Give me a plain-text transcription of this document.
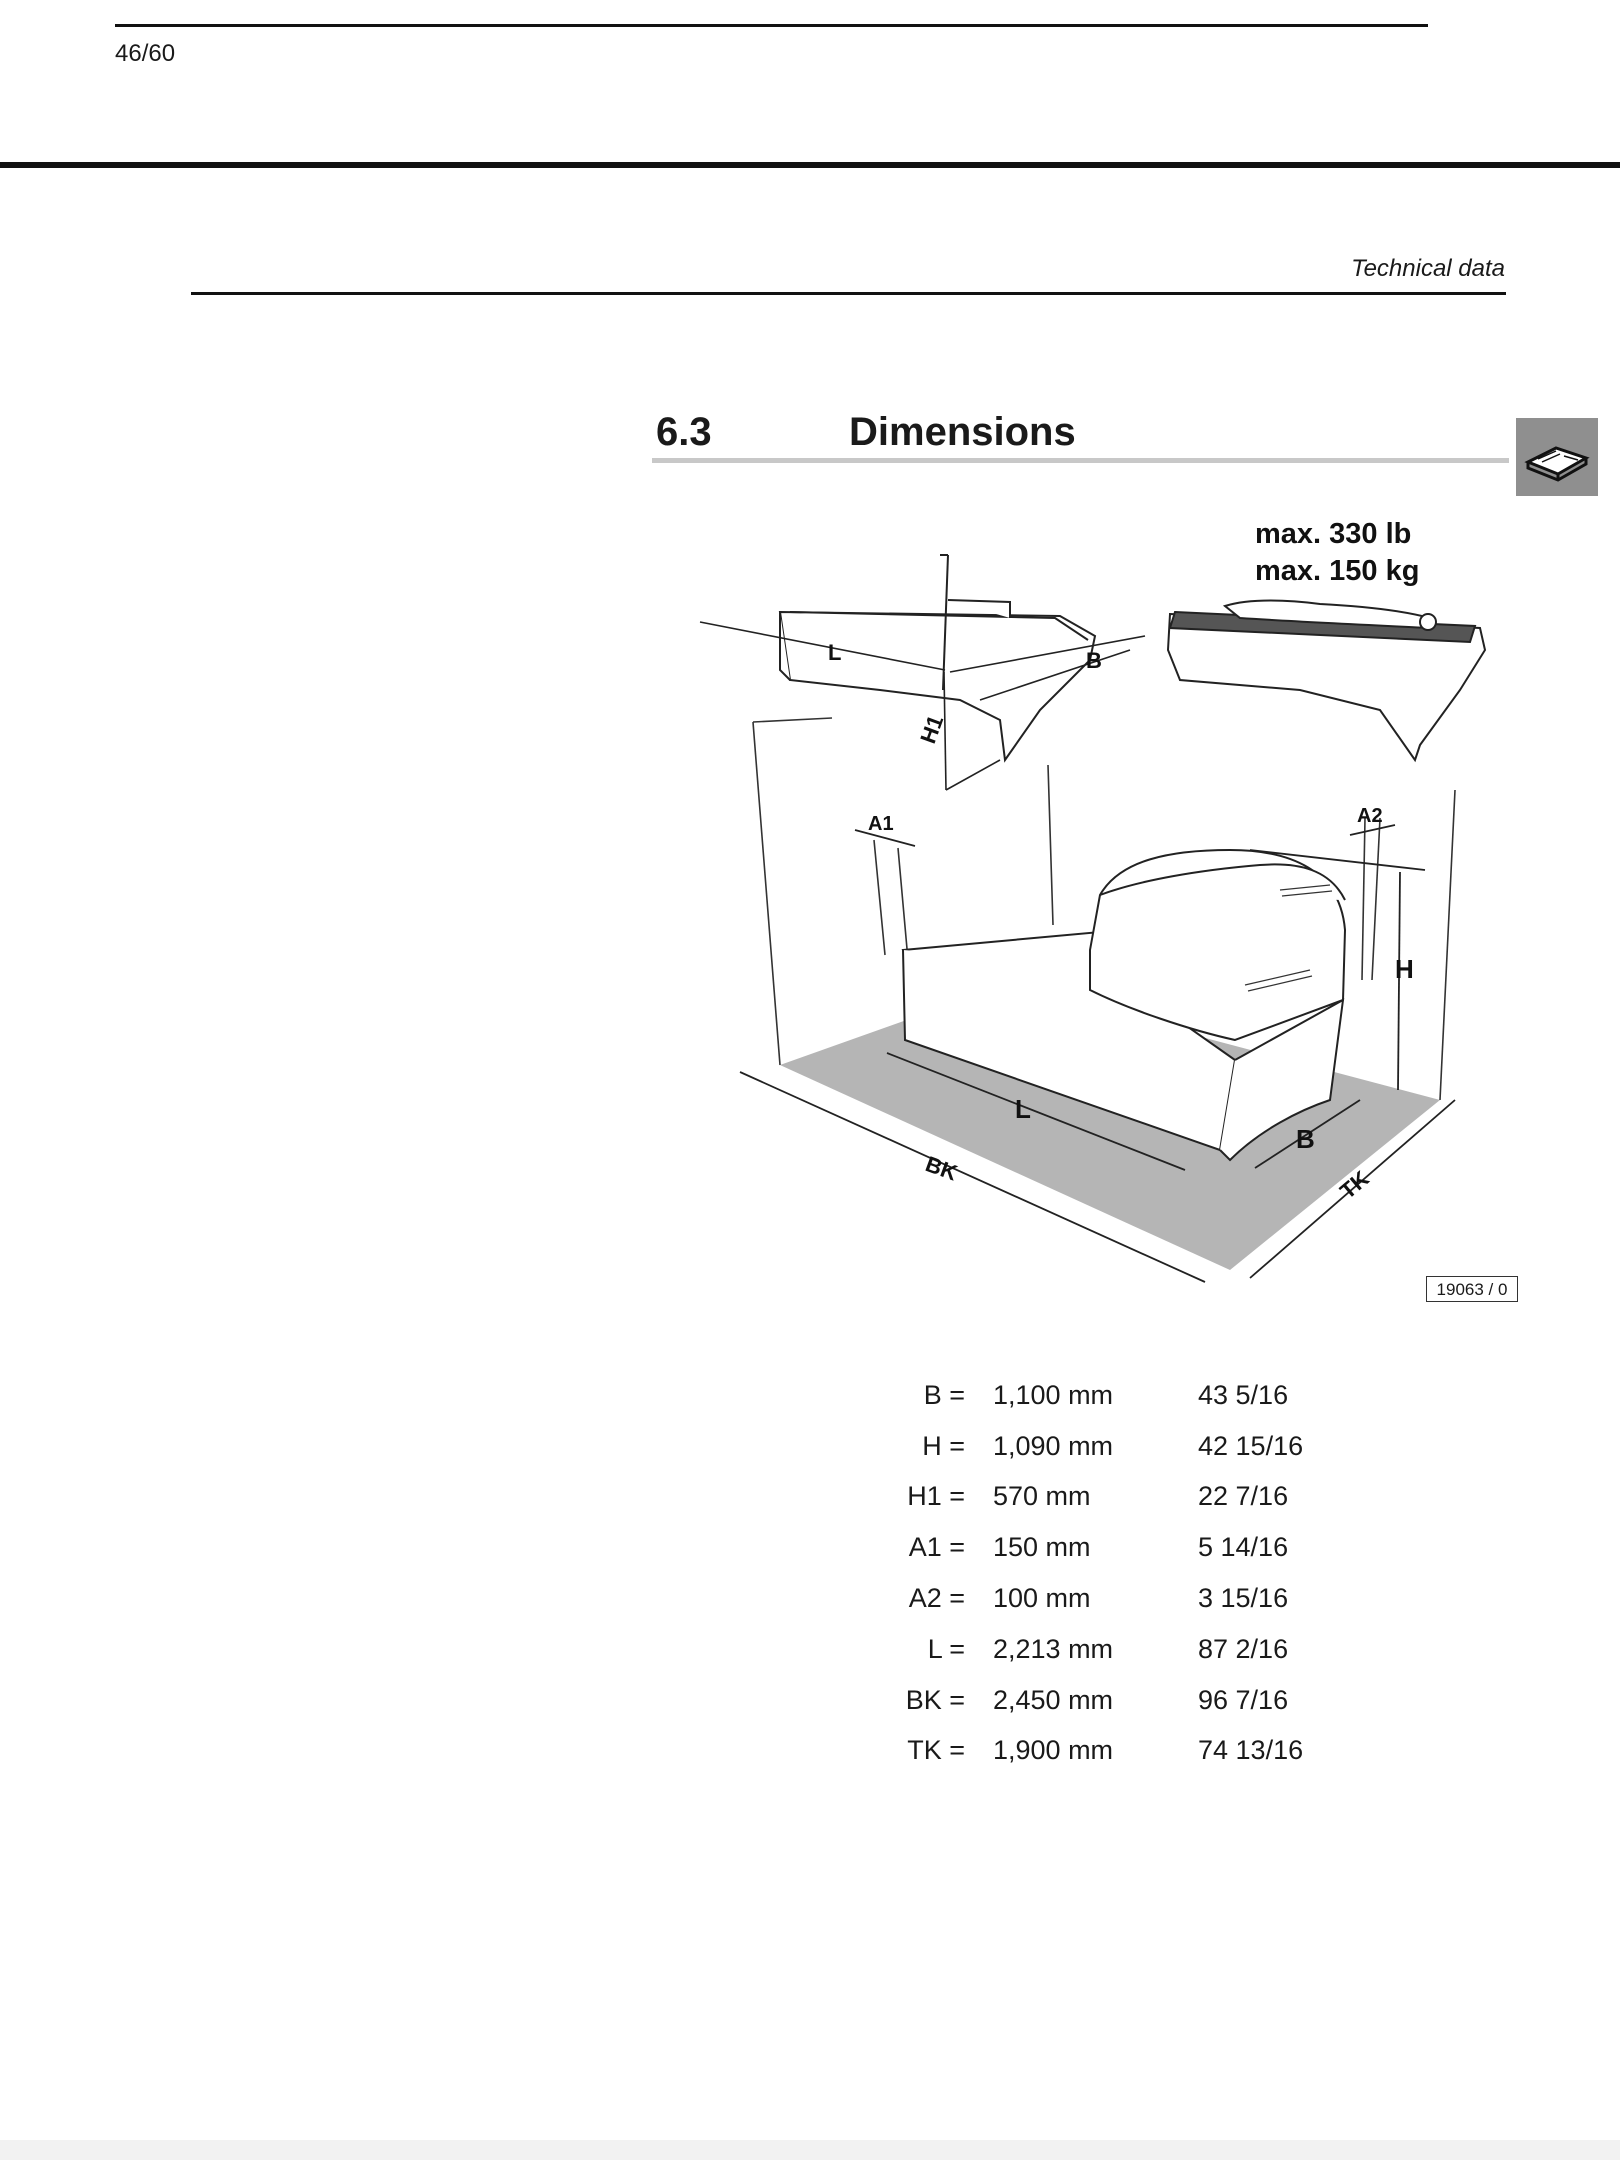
46/60
Technical data
6.3	Dimensions
max. 330 lb
max. 150 kg
L	B
H1
A1	A2
H
L
B
BK	TK
19063 / 0
B =	1,100 mm	43 5/16
H =	1,090 mm	42 15/16
H1 =	570 mm	22 7/16
A1 =	150 mm	5 14/16
A2 =	100 mm	3 15/16
L =	2,213 mm	87 2/16
BK =	2,450 mm	96 7/16
TK =	1,900 mm	74 13/16
